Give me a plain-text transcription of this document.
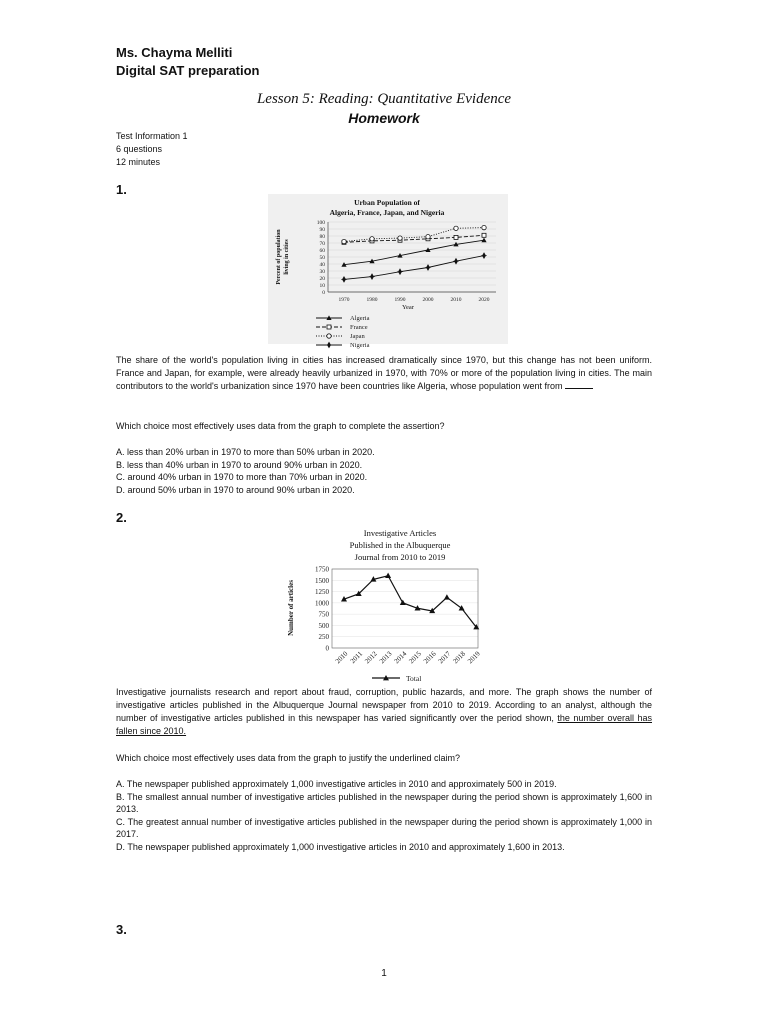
Ms. Chayma Melliti
Digital SAT preparation
Lesson 5: Reading: Quantitative Evidence
Homework
Test Information 1
6 questions
12 minutes
1.
Urban Population of
Algeria, France, Japan, and Nigeria
100
90
80
70
60
50
40
30
20
10
0
1970	1980	1990	2000	2010	2020
Year
Percent of population living in cities
Algeria
France
Japan
Nigeria
The share of the world's population living in cities has increased dramatically since 1970, but this change has not been uniform. France and Japan, for example, were already heavily urbanized in 1970, with 70% or more of the population living in cities. The main contributors to the world's urbanization since 1970 have been countries like Algeria, whose population went from
Which choice most effectively uses data from the graph to complete the assertion?
A. less than 20% urban in 1970 to more than 50% urban in 2020.
B. less than 40% urban in 1970 to around 90% urban in 2020.
C. around 40% urban in 1970 to more than 70% urban in 2020.
D. around 50% urban in 1970 to around 90% urban in 2020.
2.
Investigative Articles
Published in the Albuquerque
Journal from 2010 to 2019
1750
1500
1250
1000
750
500
250
0
2010 2011 2012 2013 2014 2015 2016 2017 2018 2019
Number of articles
Total
Investigative journalists research and report about fraud, corruption, public hazards, and more. The graph shows the number of investigative articles published in the Albuquerque Journal newspaper from 2010 to 2019. According to an analyst, although the number of investigative articles published in this newspaper has varied significantly over the period shown, the number overall has fallen since 2010.
Which choice most effectively uses data from the graph to justify the underlined claim?
A. The newspaper published approximately 1,000 investigative articles in 2010 and approximately 500 in 2019.
B. The smallest annual number of investigative articles published in the newspaper during the period shown is approximately 1,600 in 2013.
C. The greatest annual number of investigative articles published in the newspaper during the period shown is approximately 1,000 in 2017.
D. The newspaper published approximately 1,000 investigative articles in 2010 and approximately 1,600 in 2013.
3.
1
